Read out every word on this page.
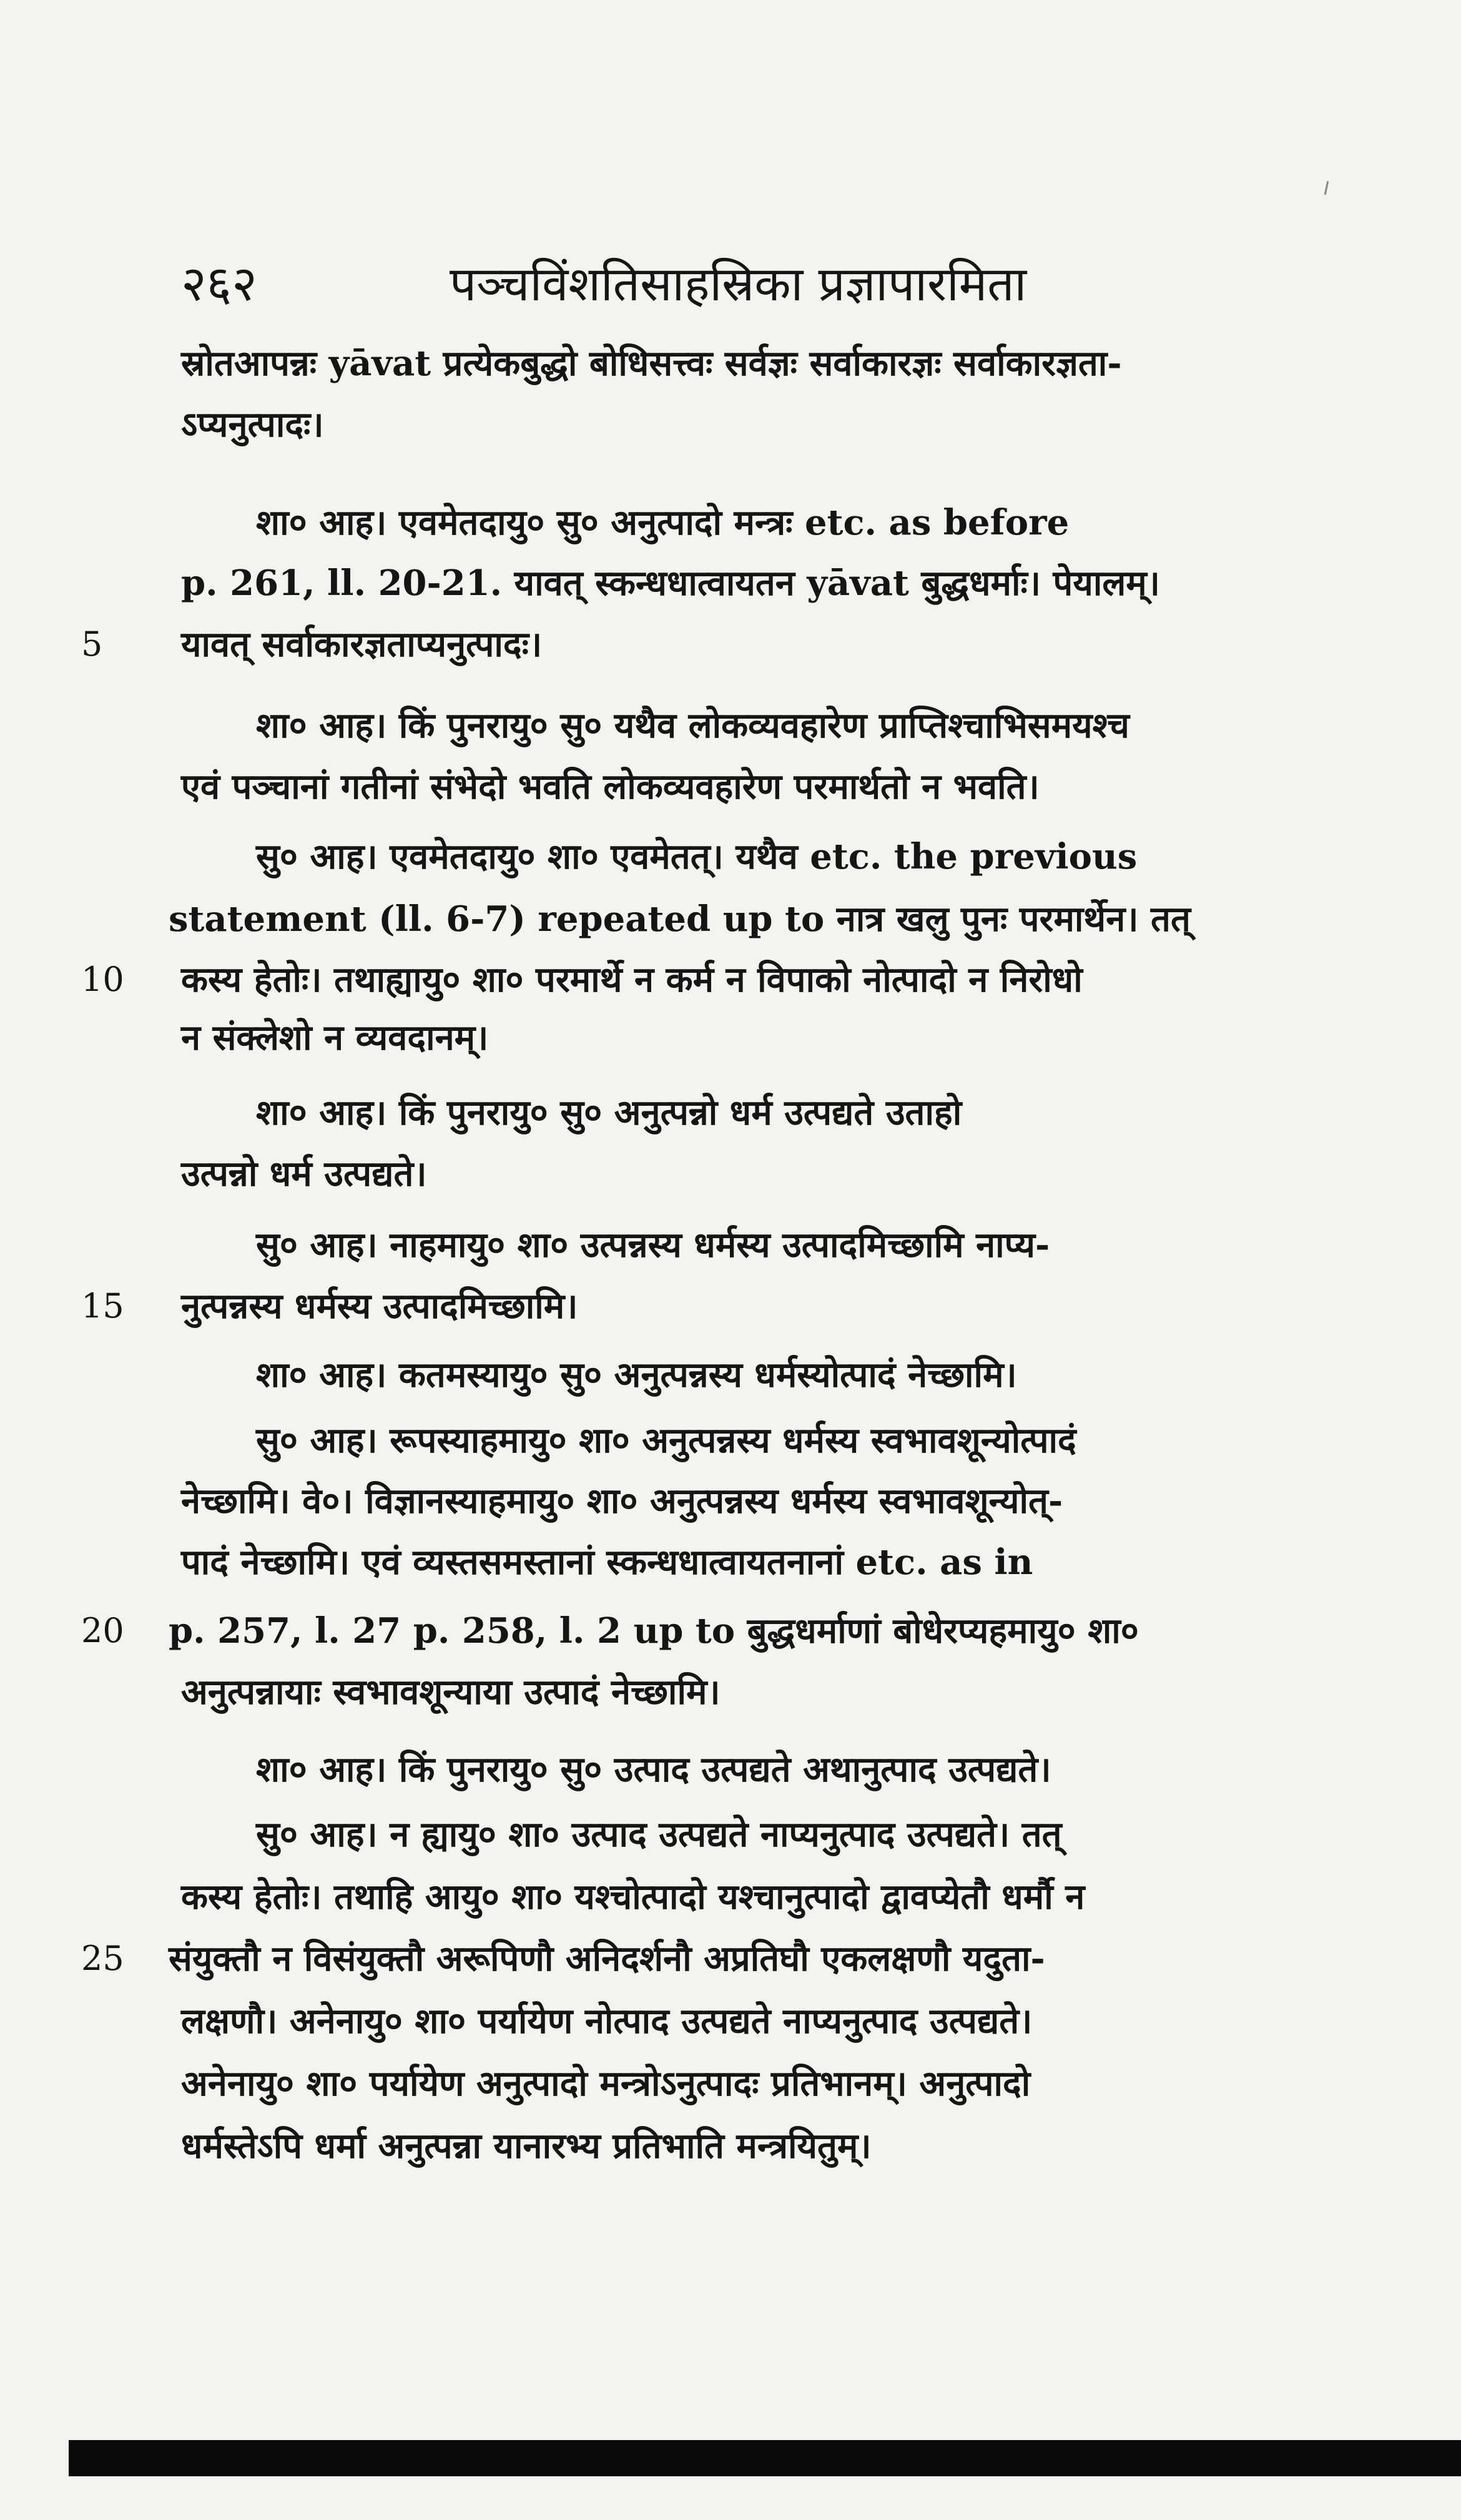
२६२	पञ्चविंशतिसाहस्रिका प्रज्ञापारमिता
स्रोतआपन्नः yāvat प्रत्येकबुद्धो बोधिसत्त्वः सर्वज्ञः सर्वाकारज्ञः सर्वाकारज्ञता-
ऽप्यनुत्पादः।
शा० आह। एवमेतदायु० सु० अनुत्पादो मन्त्रः etc. as before
p. 261, ll. 20-21. यावत् स्कन्धधात्वायतन yāvat बुद्धधर्माः। पेयालम्।
5	यावत् सर्वाकारज्ञताप्यनुत्पादः।
शा० आह। किं पुनरायु० सु० यथैव लोकव्यवहारेण प्राप्तिश्चाभिसमयश्च
एवं पञ्चानां गतीनां संभेदो भवति लोकव्यवहारेण परमार्थतो न भवति।
सु० आह। एवमेतदायु० शा० एवमेतत्। यथैव etc. the previous
statement (ll. 6-7) repeated up to नात्र खलु पुनः परमार्थेन। तत्
10	कस्य हेतोः। तथाह्यायु० शा० परमार्थे न कर्म न विपाको नोत्पादो न निरोधो
न संक्लेशो न व्यवदानम्।
शा० आह। किं पुनरायु० सु० अनुत्पन्नो धर्म उत्पद्यते उताहो
उत्पन्नो धर्म उत्पद्यते।
सु० आह। नाहमायु० शा० उत्पन्नस्य धर्मस्य उत्पादमिच्छामि नाप्य-
15	नुत्पन्नस्य धर्मस्य उत्पादमिच्छामि।
शा० आह। कतमस्यायु० सु० अनुत्पन्नस्य धर्मस्योत्पादं नेच्छामि।
सु० आह। रूपस्याहमायु० शा० अनुत्पन्नस्य धर्मस्य स्वभावशून्योत्पादं
नेच्छामि। वे०। विज्ञानस्याहमायु० शा० अनुत्पन्नस्य धर्मस्य स्वभावशून्योत्-
पादं नेच्छामि। एवं व्यस्तसमस्तानां स्कन्धधात्वायतनानां etc. as in
20	p. 257, l. 27 p. 258, l. 2 up to बुद्धधर्माणां बोधेरप्यहमायु० शा०
अनुत्पन्नायाः स्वभावशून्याया उत्पादं नेच्छामि।
शा० आह। किं पुनरायु० सु० उत्पाद उत्पद्यते अथानुत्पाद उत्पद्यते।
सु० आह। न ह्यायु० शा० उत्पाद उत्पद्यते नाप्यनुत्पाद उत्पद्यते। तत्
कस्य हेतोः। तथाहि आयु० शा० यश्चोत्पादो यश्चानुत्पादो द्वावप्येतौ धर्मौ न
25	संयुक्तौ न विसंयुक्तौ अरूपिणौ अनिदर्शनौ अप्रतिघौ एकलक्षणौ यदुता-
लक्षणौ। अनेनायु० शा० पर्यायेण नोत्पाद उत्पद्यते नाप्यनुत्पाद उत्पद्यते।
अनेनायु० शा० पर्यायेण अनुत्पादो मन्त्रोऽनुत्पादः प्रतिभानम्। अनुत्पादो
धर्मस्तेऽपि धर्मा अनुत्पन्ना यानारभ्य प्रतिभाति मन्त्रयितुम्।
